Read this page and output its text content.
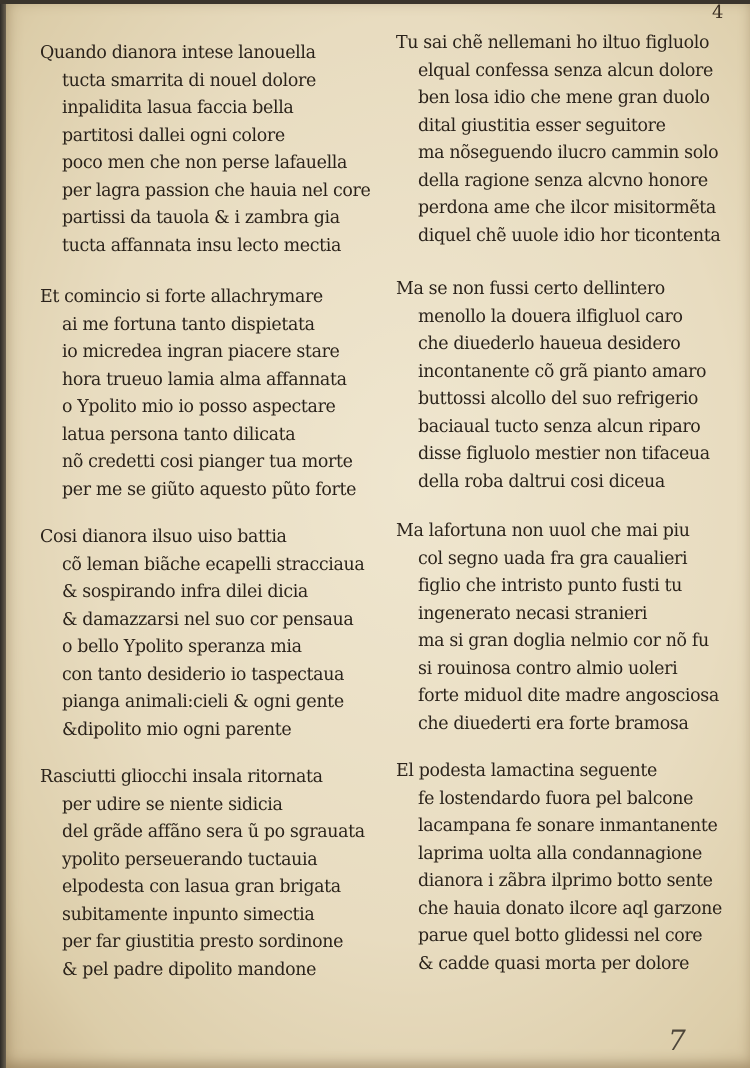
4
Quando dianora intese lanouella
tucta smarrita di nouel dolore
inpalidita lasua faccia bella
partitosi dallei ogni colore
poco men che non perse lafauella
per lagra passion che hauia nel core
partissi da tauola & i zambra gia
tucta affannata insu lecto mectia
Et comincio si forte allachrymare
ai me fortuna tanto dispietata
io micredea ingran piacere stare
hora trueuo lamia alma affannata
o Ypolito mio io posso aspectare
latua persona tanto dilicata
nõ credetti cosi pianger tua morte
per me se giũto aquesto pũto forte
Cosi dianora ilsuo uiso battia
cõ leman biãche ecapelli stracciaua
& sospirando infra dilei dicia
& damazzarsi nel suo cor pensaua
o bello Ypolito speranza mia
con tanto desiderio io taspectaua
pianga animali:cieli & ogni gente
&dipolito mio ogni parente
Rasciutti gliocchi insala ritornata
per udire se niente sidicia
del grãde affãno sera ũ po sgrauata
ypolito perseuerando tuctauia
elpodesta con lasua gran brigata
subitamente inpunto simectia
per far giustitia presto sordinone
& pel padre dipolito mandone
Tu sai chẽ nellemani ho iltuo figluolo
elqual confessa senza alcun dolore
ben losa idio che mene gran duolo
dital giustitia esser seguitore
ma nõseguendo ilucro cammin solo
della ragione senza alcvno honore
perdona ame che ilcor misitormẽta
diquel chẽ uuole idio hor ticontenta
Ma se non fussi certo dellintero
menollo la douera ilfigluol caro
che diuederlo haueua desidero
incontanente cõ grã pianto amaro
buttossi alcollo del suo refrigerio
baciaual tucto senza alcun riparo
disse figluolo mestier non tifaceua
della roba daltrui cosi diceua
Ma lafortuna non uuol che mai piu
col segno uada fra gra caualieri
figlio che intristo punto fusti tu
ingenerato necasi stranieri
ma si gran doglia nelmio cor nõ fu
si rouinosa contro almio uoleri
forte miduol dite madre angosciosa
che diuederti era forte bramosa
El podesta lamactina seguente
fe lostendardo fuora pel balcone
lacampana fe sonare inmantanente
laprima uolta alla condannagione
dianora i zãbra ilprimo botto sente
che hauia donato ilcore aql garzone
parue quel botto glidessi nel core
& cadde quasi morta per dolore
7
